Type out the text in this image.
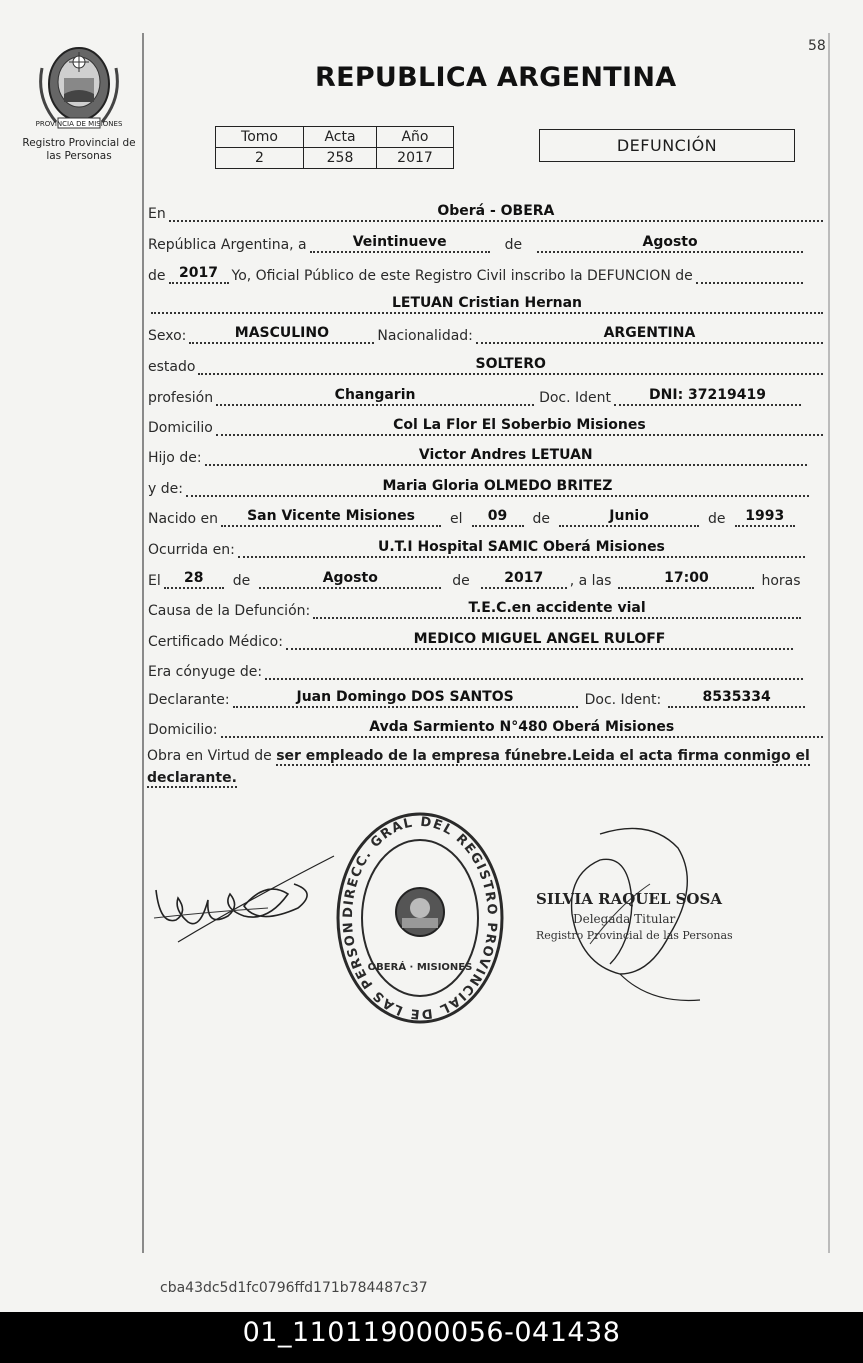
58
PROVINCIA DE MISIONES
Registro Provincial de
las Personas
REPUBLICA ARGENTINA
Tomo	Acta	Año
2	258	2017
DEFUNCIÓN
En	Oberá - OBERA
República Argentina, a	Veintinueve	de	Agosto
de 2017 Yo, Oficial Público de este Registro Civil inscribo la DEFUNCION de
LETUAN Cristian Hernan
Sexo:	MASCULINO	Nacionalidad:	ARGENTINA
estado	SOLTERO
profesión	Changarin	Doc. Ident	DNI: 37219419
Domicilio	Col La Flor El Soberbio Misiones
Hijo de:	Victor Andres LETUAN
y de:	Maria Gloria OLMEDO BRITEZ
Nacido en	San Vicente Misiones	el	09	de	Junio	de	1993
Ocurrida en:	U.T.I Hospital SAMIC Oberá Misiones
El	28	de	Agosto	de	2017	, a las	17:00	horas
Causa de la Defunción:	T.E.C.en accidente vial
Certificado Médico:	MEDICO MIGUEL ANGEL RULOFF
Era cónyuge de:
Declarante:	Juan Domingo DOS SANTOS	Doc. Ident:	8535334
Domicilio:	Avda Sarmiento N°480 Oberá Misiones
Obra en Virtud de ser empleado de la empresa fúnebre.Leida el acta firma conmigo el declarante.
DIRECC. GRAL DEL REGISTRO PROVINCIAL DE LAS PERSON
OBERÁ · MISIONES
SILVIA RAQUEL SOSA
Delegada Titular
Registro Provincial de las Personas
cba43dc5d1fc0796ffd171b784487c37
01_110119000056-041438
